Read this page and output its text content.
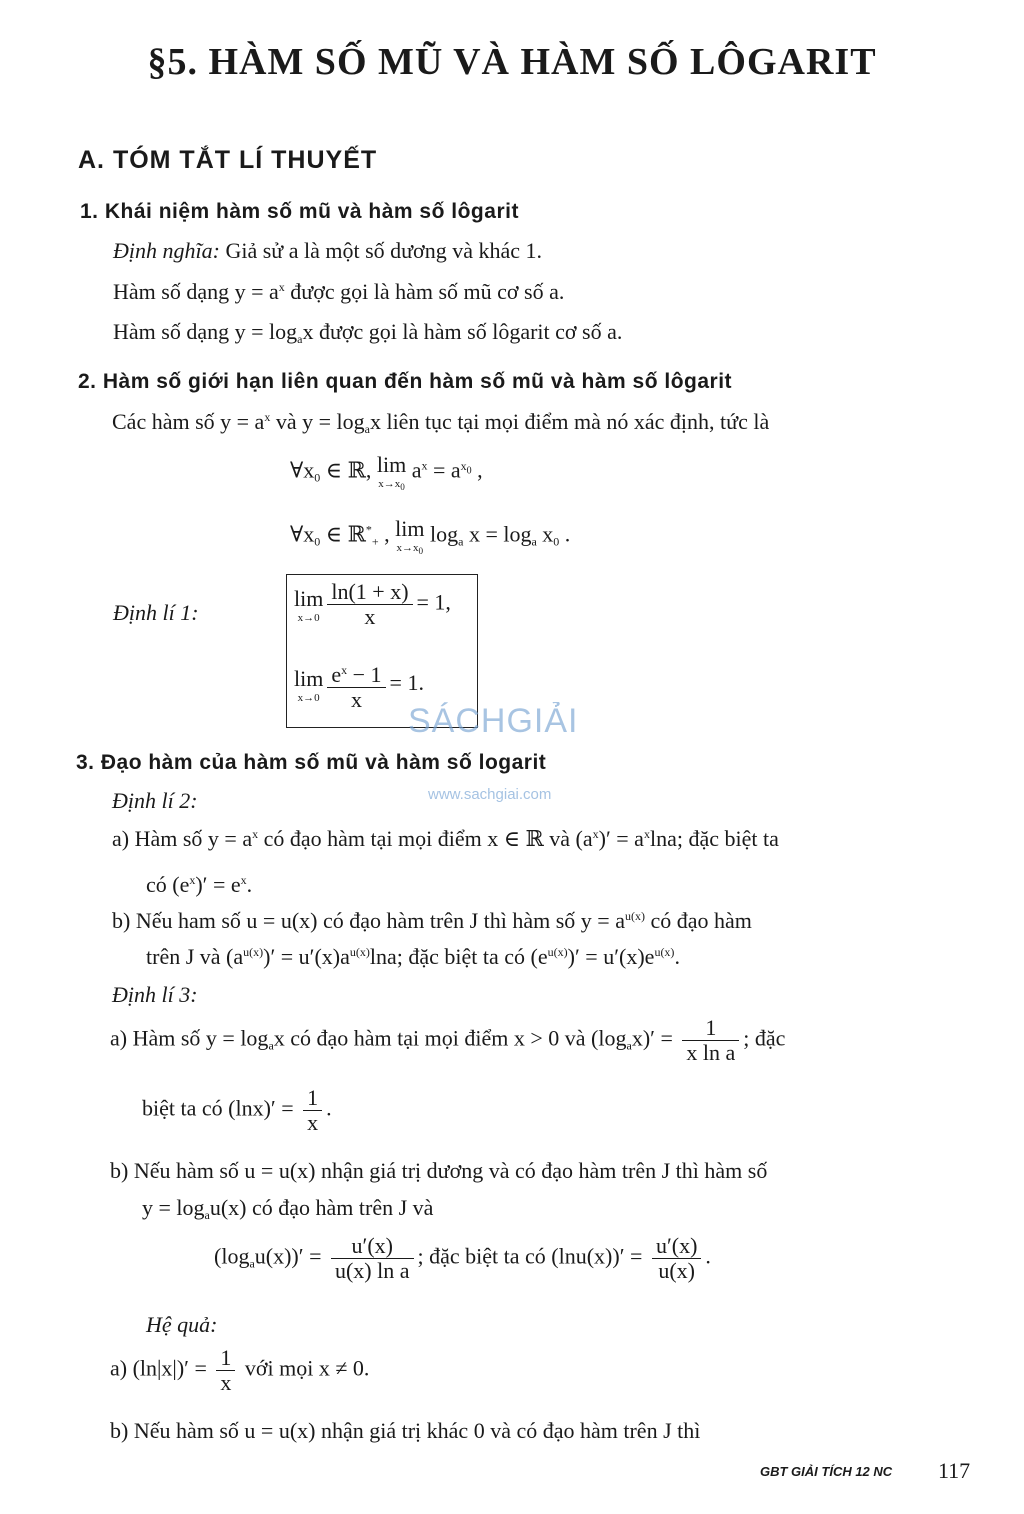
§5. HÀM SỐ MŨ VÀ HÀM SỐ LÔGARIT
A. TÓM TẮT LÍ THUYẾT
1. Khái niệm hàm số mũ và hàm số lôgarit
Định nghĩa: Giả sử a là một số dương và khác 1.
Hàm số dạng $y = a^x$ được gọi là hàm số mũ cơ số a.
Hàm số dạng $y = \log_ax$ được gọi là hàm số lôgarit cơ số a.
2. Hàm số giới hạn liên quan đến hàm số mũ và hàm số lôgarit
Các hàm số $y = a^x$ và $y = \log_ax$ liên tục tại mọi điểm mà nó xác định, tức là
$\forall x_0$ ∈ ℝ, lim
$x\to x_0$
$a^x = a^{x_0}$ ,
$\forall x_0$ ∈ ℝ*$_+$ , lim
$x\to x_0$
$\log_a x = \log_a x_0$ .
Định lí 1:
lim
$x\to 0 \frac{\ln(1 + x)}{x} = 1$,
lim
$x\to 0 \frac{e^x - 1}{x} = 1$.
SÁCHGIẢI
www.sachgiai.com
3. Đạo hàm của hàm số mũ và hàm số logarit
Định lí 2:
a) Hàm số $y = a^x$ có đạo hàm tại mọi điểm x ∈ ℝ và $(a^x)' = a^x\ln a$; đặc biệt ta
có $(e^x)' = e^x$.
b) Nếu ham số u = u(x) có đạo hàm trên J thì hàm số $y = a^{u(x)}$ có đạo hàm
trên J và $(a^{u(x)})' = u'(x)a^{u(x)}\ln a$; đặc biệt ta có $(e^{u(x)})' = u'(x)e^{u(x)}$.
Định lí 3:
a) Hàm số $y = \log_ax$ có đạo hàm tại mọi điểm x > 0 và $(\log_ax)' = \frac{1}{\text{x ln a}}$ ; đặc
biệt ta có $(\ln x)' = \frac{1}{x}$ .
b) Nếu hàm số u = u(x) nhận giá trị dương và có đạo hàm trên J thì hàm số
$y = \log_au(x)$ có đạo hàm trên J và
$(\log_au(x))' = \frac{u'(x)}{\text{u(x) ln a}}$ ; đặc biệt ta có $(\ln u(x))' = \frac{u'(x)}{u(x)}$ .
Hệ quả:
a) $(\ln|x|)' = \frac{1}{x}$ với mọi x ≠ 0.
b) Nếu hàm số u = u(x) nhận giá trị khác 0 và có đạo hàm trên J thì
GBT GIẢI TÍCH 12 NC 117
